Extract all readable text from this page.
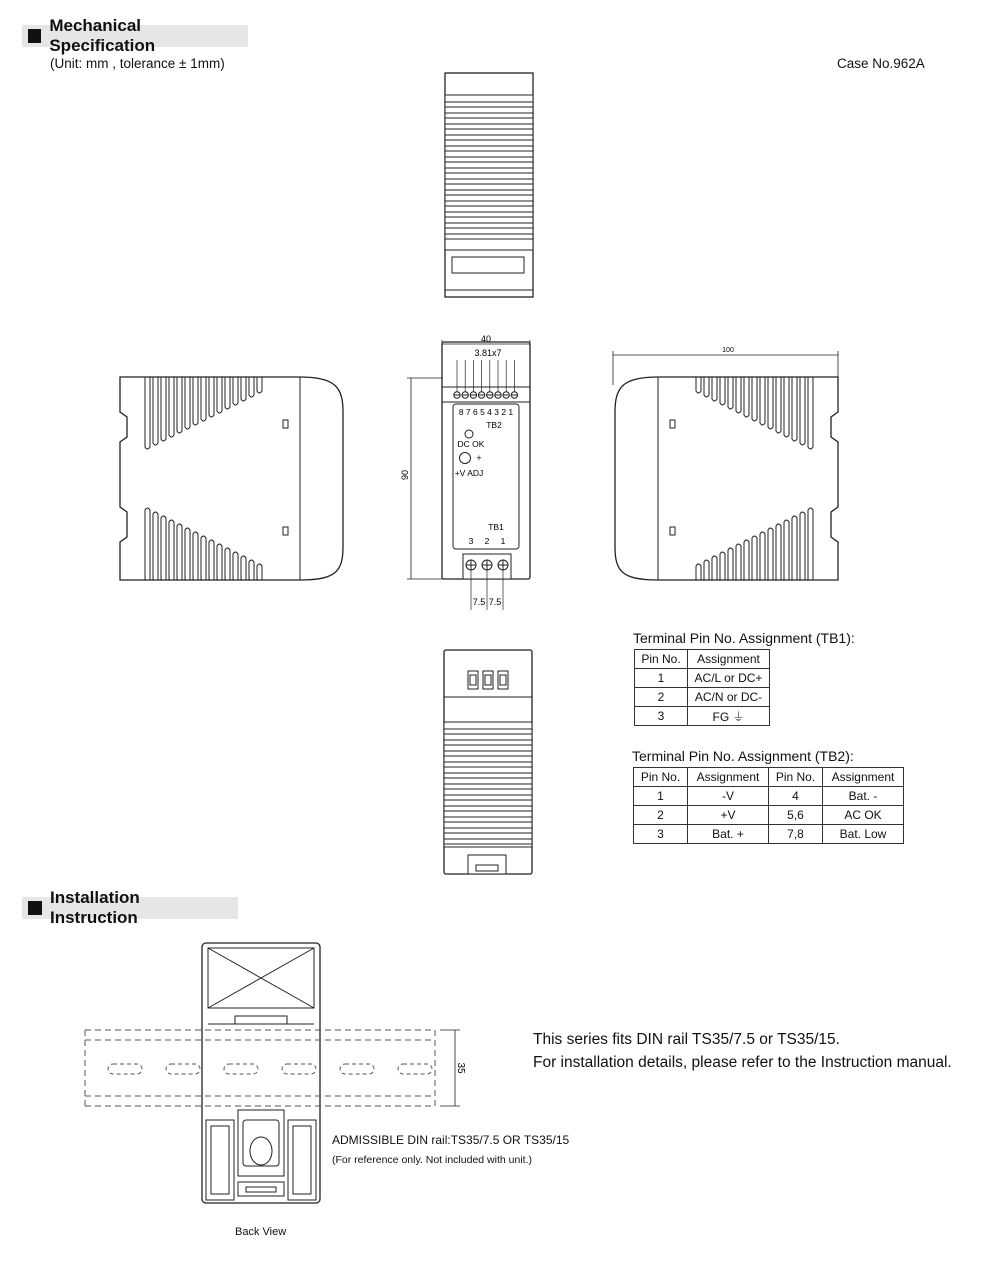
Mechanical Specification
(Unit: mm , tolerance ± 1mm)	Case No.962A
40
3.81x7
90
8 7 6 5 4 3 2 1
TB2
DC OK
+
+V ADJ
TB1
3 2 1
7.5 7.5
100
Terminal Pin No. Assignment (TB1):
Pin No.	Assignment
1	AC/L or DC+
2	AC/N or DC-
3	FG ⏚
Terminal Pin No. Assignment (TB2):
Pin No.	Assignment	Pin No.	Assignment
1	-V	4	Bat. -
2	+V	5,6	AC OK
3	Bat. +	7,8	Bat. Low
Installation Instruction
35
This series fits DIN rail TS35/7.5 or TS35/15.
For installation details, please refer to the Instruction manual.
ADMISSIBLE DIN rail:TS35/7.5 OR TS35/15
(For reference only. Not included with unit.)
Back View
